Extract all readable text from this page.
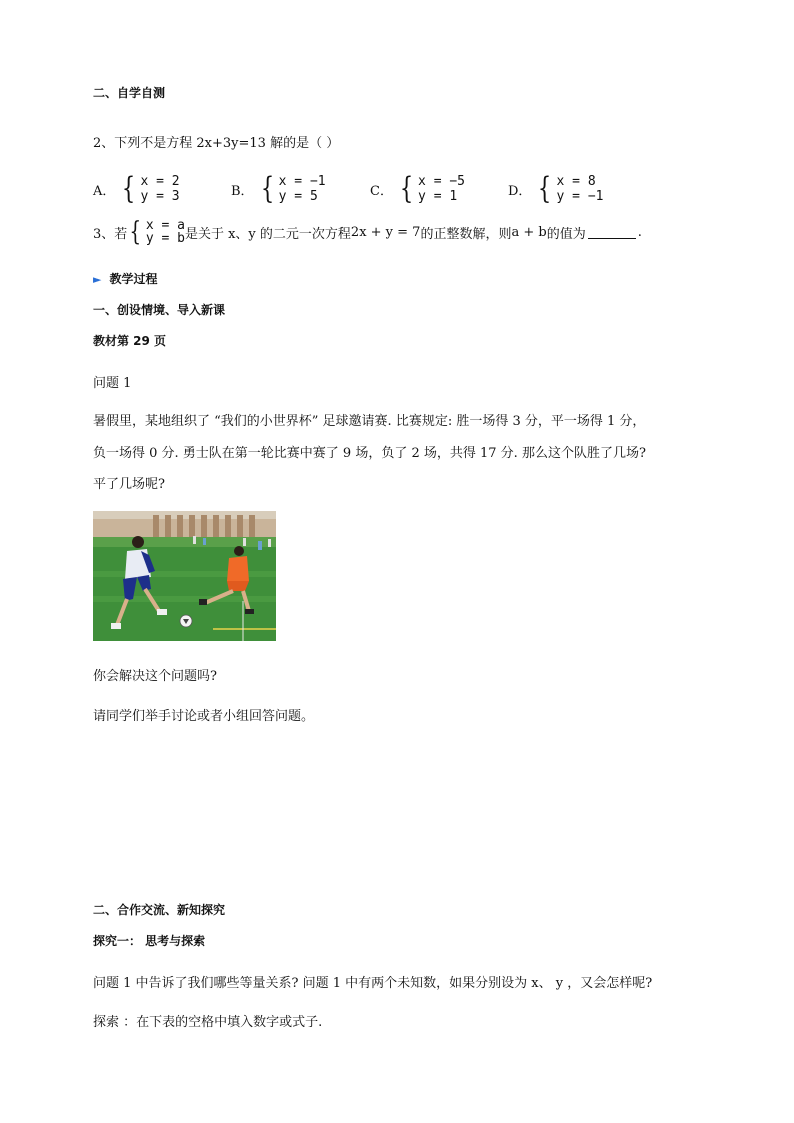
二、自学自测
2、下列不是方程 2x+3y=13 解的是（ ）
A． { x = 2
y = 3	B． { x = −1
y = 5	C． { x = −5
y = 1	D． { x = 8
y = −1
3、若 { x = a
y = b 是关于 x、y 的二元一次方程 2x + y = 7 的正整数解，则 a + b 的值为	.
► 教学过程
一、创设情境、导入新课
教材第 29 页
问题 1
暑假里，某地组织了 “我们的小世界杯” 足球邀请赛. 比赛规定: 胜一场得 3 分，平一场得 1 分，
负一场得 0 分. 勇士队在第一轮比赛中赛了 9 场，负了 2 场，共得 17 分. 那么这个队胜了几场?
平了几场呢?
你会解决这个问题吗?
请同学们举手讨论或者小组回答问题。
二、合作交流、新知探究
探究一： 思考与探索
问题 1 中告诉了我们哪些等量关系? 问题 1 中有两个未知数，如果分别设为 x、 y ，又会怎样呢?
探索 ：在下表的空格中填入数字或式子.
